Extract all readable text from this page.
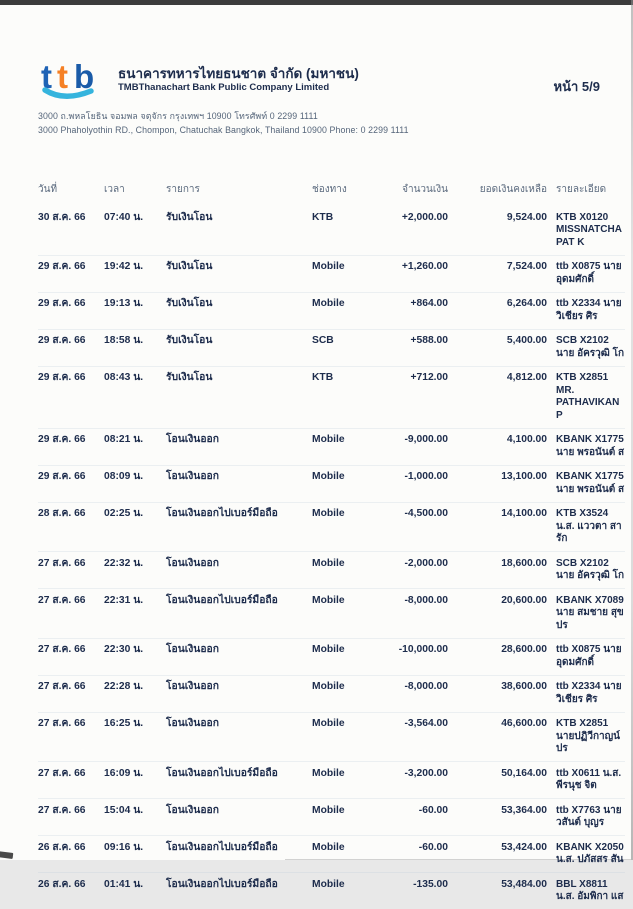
t t b ธนาคารทหารไทยธนชาต จำกัด (มหาชน)
TMBThanachart Bank Public Company Limited	หน้า 5/9
3000 ถ.พหลโยธิน จอมพล จตุจักร กรุงเทพฯ 10900 โทรศัพท์ 0 2299 1111
3000 Phaholyothin RD., Chompon, Chatuchak Bangkok, Thailand 10900 Phone: 0 2299 1111
วันที่	เวลา	รายการ	ช่องทาง	จำนวนเงิน	ยอดเงินคงเหลือ รายละเอียด
30 ส.ค. 66	07:40 น.	รับเงินโอน	KTB	+2,000.00	9,524.00 KTB X0120 MISSNATCHAPAT K
29 ส.ค. 66	19:42 น.	รับเงินโอน	Mobile	+1,260.00	7,524.00 ttb X0875 นาย อุดมศักดิ์
29 ส.ค. 66	19:13 น.	รับเงินโอน	Mobile	+864.00	6,264.00 ttb X2334 นาย วิเชียร ศิร
29 ส.ค. 66	18:58 น.	รับเงินโอน	SCB	+588.00	5,400.00 SCB X2102 นาย อัครวุฒิ โก
29 ส.ค. 66	08:43 น.	รับเงินโอน	KTB	+712.00	4,812.00 KTB X2851 MR. PATHAVIKAN P
29 ส.ค. 66	08:21 น.	โอนเงินออก	Mobile	-9,000.00	4,100.00 KBANK X1775 นาย พรอนันต์ ส
29 ส.ค. 66	08:09 น.	โอนเงินออก	Mobile	-1,000.00	13,100.00 KBANK X1775 นาย พรอนันต์ ส
28 ส.ค. 66	02:25 น.	โอนเงินออกไปเบอร์มือถือ	Mobile	-4,500.00	14,100.00 KTB X3524 น.ส. แววตา สารัก
27 ส.ค. 66	22:32 น.	โอนเงินออก	Mobile	-2,000.00	18,600.00 SCB X2102 นาย อัครวุฒิ โก
27 ส.ค. 66	22:31 น.	โอนเงินออกไปเบอร์มือถือ	Mobile	-8,000.00	20,600.00 KBANK X7089 นาย สมชาย สุขปร
27 ส.ค. 66	22:30 น.	โอนเงินออก	Mobile	-10,000.00	28,600.00 ttb X0875 นาย อุดมศักดิ์
27 ส.ค. 66	22:28 น.	โอนเงินออก	Mobile	-8,000.00	38,600.00 ttb X2334 นาย วิเชียร ศิร
27 ส.ค. 66	16:25 น.	โอนเงินออก	Mobile	-3,564.00	46,600.00 KTB X2851 นายปฏิวีกาญน์ ปร
27 ส.ค. 66	16:09 น.	โอนเงินออกไปเบอร์มือถือ	Mobile	-3,200.00	50,164.00 ttb X0611 น.ส. พีรนุช จิต
27 ส.ค. 66	15:04 น.	โอนเงินออก	Mobile	-60.00	53,364.00 ttb X7763 นาย วสันต์ บุญร
26 ส.ค. 66	09:16 น.	โอนเงินออกไปเบอร์มือถือ	Mobile	-60.00	53,424.00 KBANK X2050 น.ส. ปภัสสร สัน
26 ส.ค. 66	01:41 น.	โอนเงินออกไปเบอร์มือถือ	Mobile	-135.00	53,484.00 BBL X8811 น.ส. อัมพิกา แส
